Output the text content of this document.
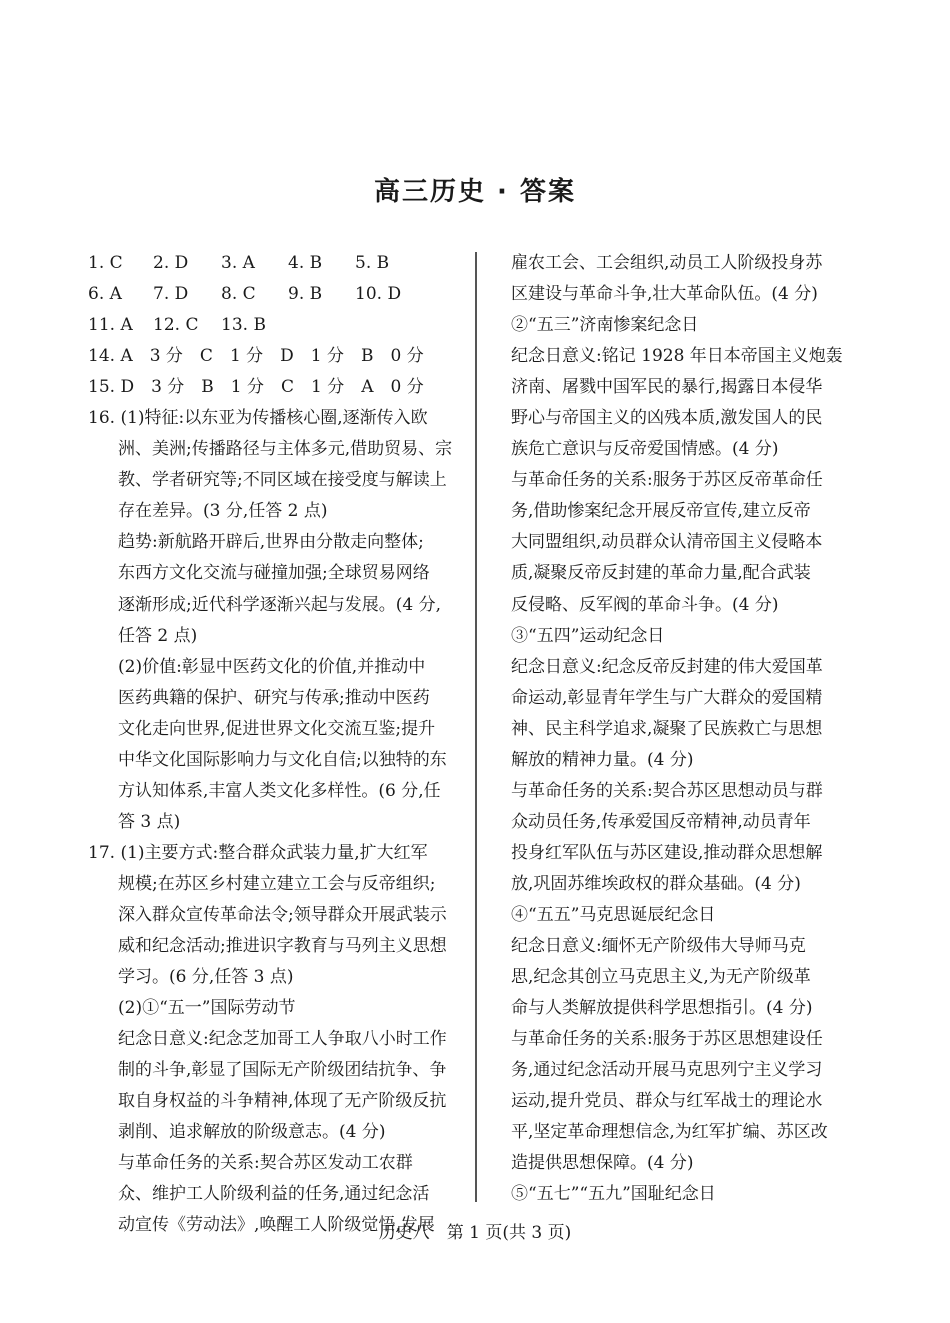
高三历史 · 答案
1. C	2. D	3. A	4. B	5. B
6. A	7. D	8. C	9. B	10. D
11. A	12. C	13. B
14. A　3 分　C　1 分　D　1 分　B　0 分
15. D　3 分　B　1 分　C　1 分　A　0 分
16. (1)特征:以东亚为传播核心圈,逐渐传入欧
洲、美洲;传播路径与主体多元,借助贸易、宗
教、学者研究等;不同区域在接受度与解读上
存在差异。(3 分,任答 2 点)
趋势:新航路开辟后,世界由分散走向整体;
东西方文化交流与碰撞加强;全球贸易网络
逐渐形成;近代科学逐渐兴起与发展。(4 分,
任答 2 点)
(2)价值:彰显中医药文化的价值,并推动中
医药典籍的保护、研究与传承;推动中医药
文化走向世界,促进世界文化交流互鉴;提升
中华文化国际影响力与文化自信;以独特的东
方认知体系,丰富人类文化多样性。(6 分,任
答 3 点)
17. (1)主要方式:整合群众武装力量,扩大红军
规模;在苏区乡村建立建立工会与反帝组织;
深入群众宣传革命法令;领导群众开展武装示
威和纪念活动;推进识字教育与马列主义思想
学习。(6 分,任答 3 点)
(2)①“五一”国际劳动节
纪念日意义:纪念芝加哥工人争取八小时工作
制的斗争,彰显了国际无产阶级团结抗争、争
取自身权益的斗争精神,体现了无产阶级反抗
剥削、追求解放的阶级意志。(4 分)
与革命任务的关系:契合苏区发动工农群
众、维护工人阶级利益的任务,通过纪念活
动宣传《劳动法》,唤醒工人阶级觉悟,发展
雇农工会、工会组织,动员工人阶级投身苏
区建设与革命斗争,壮大革命队伍。(4 分)
②“五三”济南惨案纪念日
纪念日意义:铭记 1928 年日本帝国主义炮轰
济南、屠戮中国军民的暴行,揭露日本侵华
野心与帝国主义的凶残本质,激发国人的民
族危亡意识与反帝爱国情感。(4 分)
与革命任务的关系:服务于苏区反帝革命任
务,借助惨案纪念开展反帝宣传,建立反帝
大同盟组织,动员群众认清帝国主义侵略本
质,凝聚反帝反封建的革命力量,配合武装
反侵略、反军阀的革命斗争。(4 分)
③“五四”运动纪念日
纪念日意义:纪念反帝反封建的伟大爱国革
命运动,彰显青年学生与广大群众的爱国精
神、民主科学追求,凝聚了民族救亡与思想
解放的精神力量。(4 分)
与革命任务的关系:契合苏区思想动员与群
众动员任务,传承爱国反帝精神,动员青年
投身红军队伍与苏区建设,推动群众思想解
放,巩固苏维埃政权的群众基础。(4 分)
④“五五”马克思诞辰纪念日
纪念日意义:缅怀无产阶级伟大导师马克
思,纪念其创立马克思主义,为无产阶级革
命与人类解放提供科学思想指引。(4 分)
与革命任务的关系:服务于苏区思想建设任
务,通过纪念活动开展马克思列宁主义学习
运动,提升党员、群众与红军战士的理论水
平,坚定革命理想信念,为红军扩编、苏区改
造提供思想保障。(4 分)
⑤“五七”“五九”国耻纪念日
历史八　第 1 页(共 3 页)
